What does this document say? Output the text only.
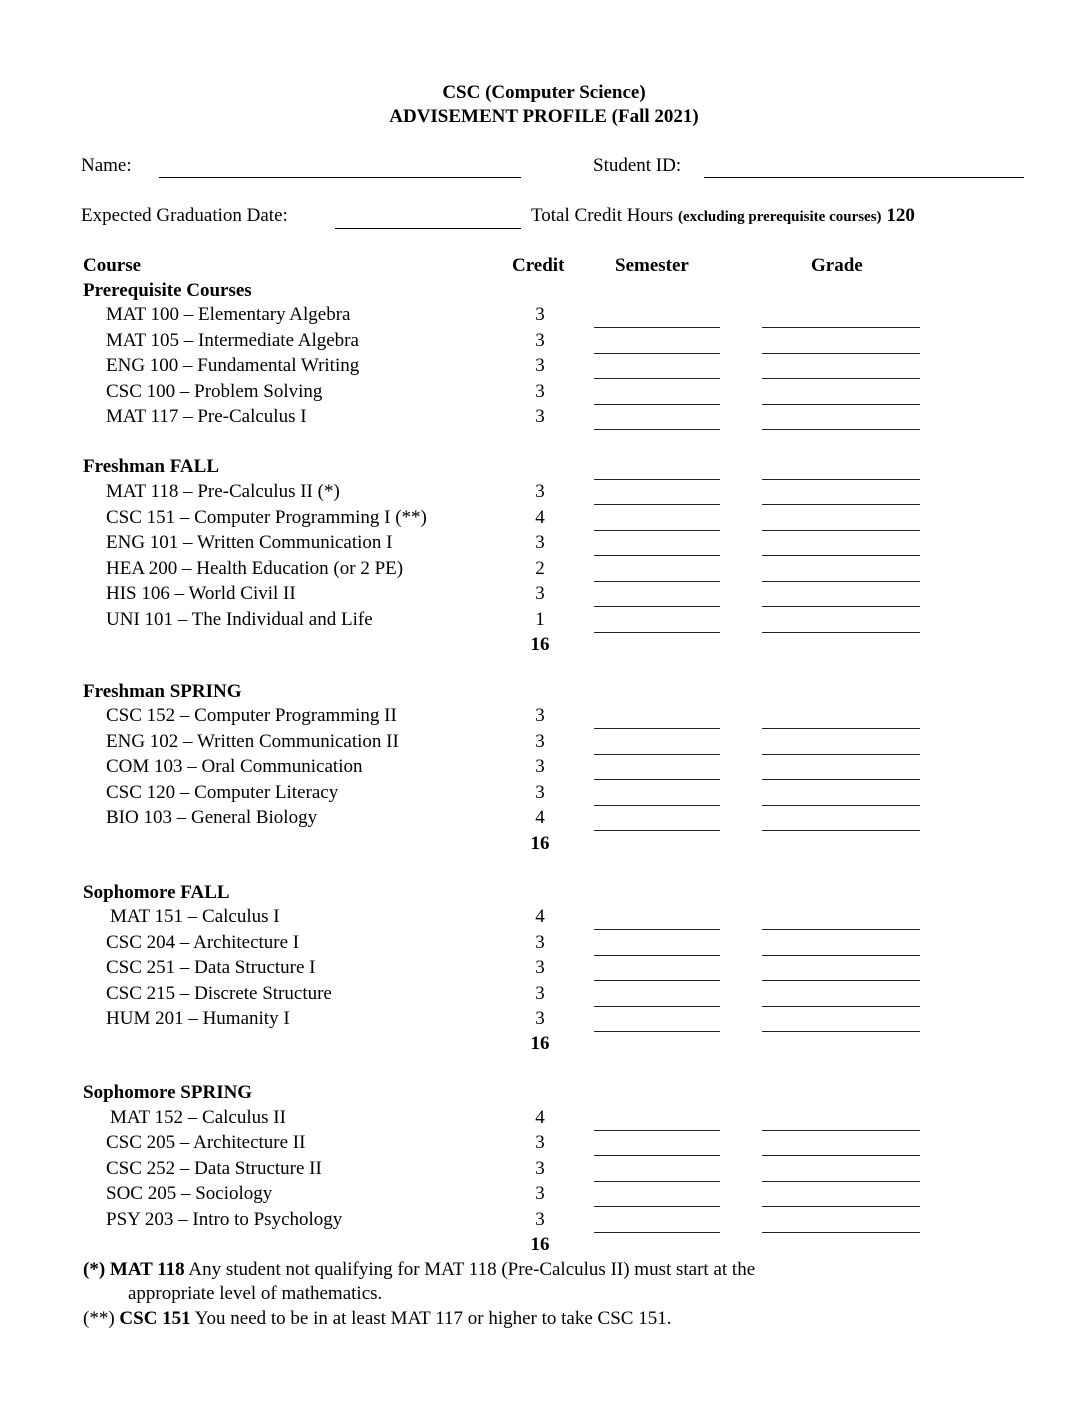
CSC (Computer Science)
ADVISEMENT PROFILE (Fall 2021)
Name:	Student ID:
Expected Graduation Date:	Total Credit Hours (excluding prerequisite courses) 120
Course	Credit	Semester	Grade
Prerequisite Courses
MAT 100 – Elementary Algebra	3
MAT 105 – Intermediate Algebra	3
ENG 100 – Fundamental Writing	3
CSC 100 – Problem Solving	3
MAT 117 – Pre-Calculus I	3
Freshman FALL
MAT 118 – Pre-Calculus II (*)	3
CSC 151 – Computer Programming I (**)	4
ENG 101 – Written Communication I	3
HEA 200 – Health Education (or 2 PE)	2
HIS 106 – World Civil II	3
UNI 101 – The Individual and Life	1
16
Freshman SPRING
CSC 152 – Computer Programming II	3
ENG 102 – Written Communication II	3
COM 103 – Oral Communication	3
CSC 120 – Computer Literacy	3
BIO 103 – General Biology	4
16
Sophomore FALL
MAT 151 – Calculus I	4
CSC 204 – Architecture I	3
CSC 251 – Data Structure I	3
CSC 215 – Discrete Structure	3
HUM 201 – Humanity I	3
16
Sophomore SPRING
MAT 152 – Calculus II	4
CSC 205 – Architecture II	3
CSC 252 – Data Structure II	3
SOC 205 – Sociology	3
PSY 203 – Intro to Psychology	3
16
(*) MAT 118 Any student not qualifying for MAT 118 (Pre-Calculus II) must start at the
appropriate level of mathematics.
(**) CSC 151 You need to be in at least MAT 117 or higher to take CSC 151.
